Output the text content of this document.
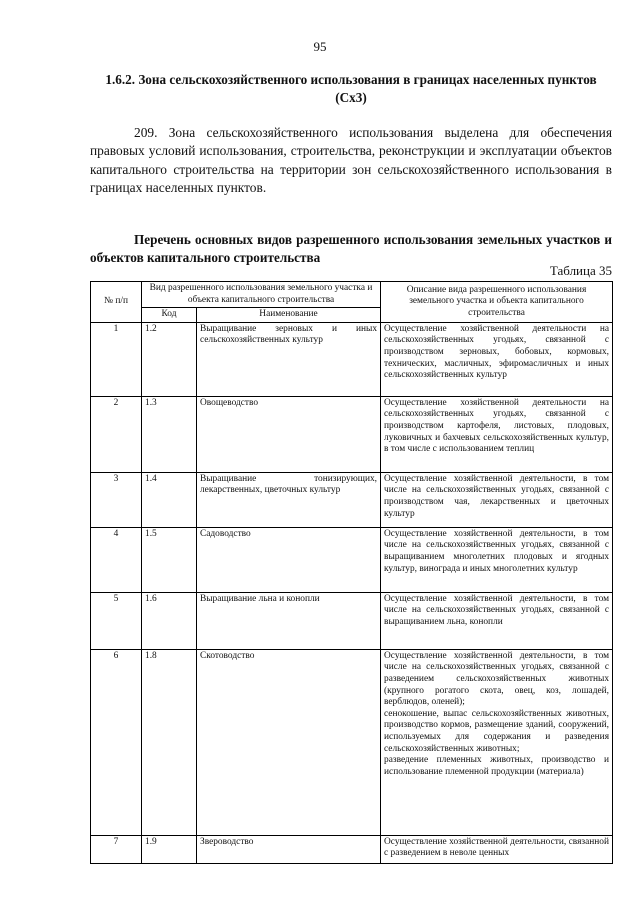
95
1.6.2. Зона сельскохозяйственного использования в границах населенных пунктов (Сх3)
209. Зона сельскохозяйственного использования выделена для обеспечения правовых условий использования, строительства, реконструкции и эксплуатации объектов капитального строительства на территории зон сельскохозяйственного использования в границах населенных пунктов.
Перечень основных видов разрешенного использования земельных участков и объектов капитального строительства
Таблица 35
№ п/п	Вид разрешенного использования земельного участка и объекта капитального строительства		Описание вида разрешенного использования земельного участка и объекта капитального строительства
	Код	Наименование	
1	1.2	Выращивание зерновых и иных сельскохозяйственных культур	Осуществление хозяйственной деятельности на сельскохозяйственных угодьях, связанной с производством зерновых, бобовых, кормовых, технических, масличных, эфиромасличных и иных сельскохозяйственных культур

2	1.3	Овощеводство	Осуществление хозяйственной деятельности на сельскохозяйственных угодьях, связанной с производством картофеля, листовых, плодовых, луковичных и бахчевых сельскохозяйственных культур, в том числе с использованием теплиц

3	1.4	Выращивание тонизирующих, лекарственных, цветочных культур	Осуществление хозяйственной деятельности, в том числе на сельскохозяйственных угодьях, связанной с производством чая, лекарственных и цветочных культур

4	1.5	Садоводство	Осуществление хозяйственной деятельности, в том числе на сельскохозяйственных угодьях, связанной с выращиванием многолетних плодовых и ягодных культур, винограда и иных многолетних культур

5	1.6	Выращивание льна и конопли	Осуществление хозяйственной деятельности, в том числе на сельскохозяйственных угодьях, связанной с выращиванием льна, конопли

6	1.8	Скотоводство	Осуществление хозяйственной деятельности, в том числе на сельскохозяйственных угодьях, связанной с разведением сельскохозяйственных животных (крупного рогатого скота, овец, коз, лошадей, верблюдов, оленей);

сенокошение, выпас сельскохозяйственных животных, производство кормов, размещение зданий, сооружений, используемых для содержания и разведения сельскохозяйственных животных;

разведение племенных животных, производство и использование племенной продукции (материала)

7	1.9	Звероводство	Осуществление хозяйственной деятельности, связанной с разведением в неволе ценных
